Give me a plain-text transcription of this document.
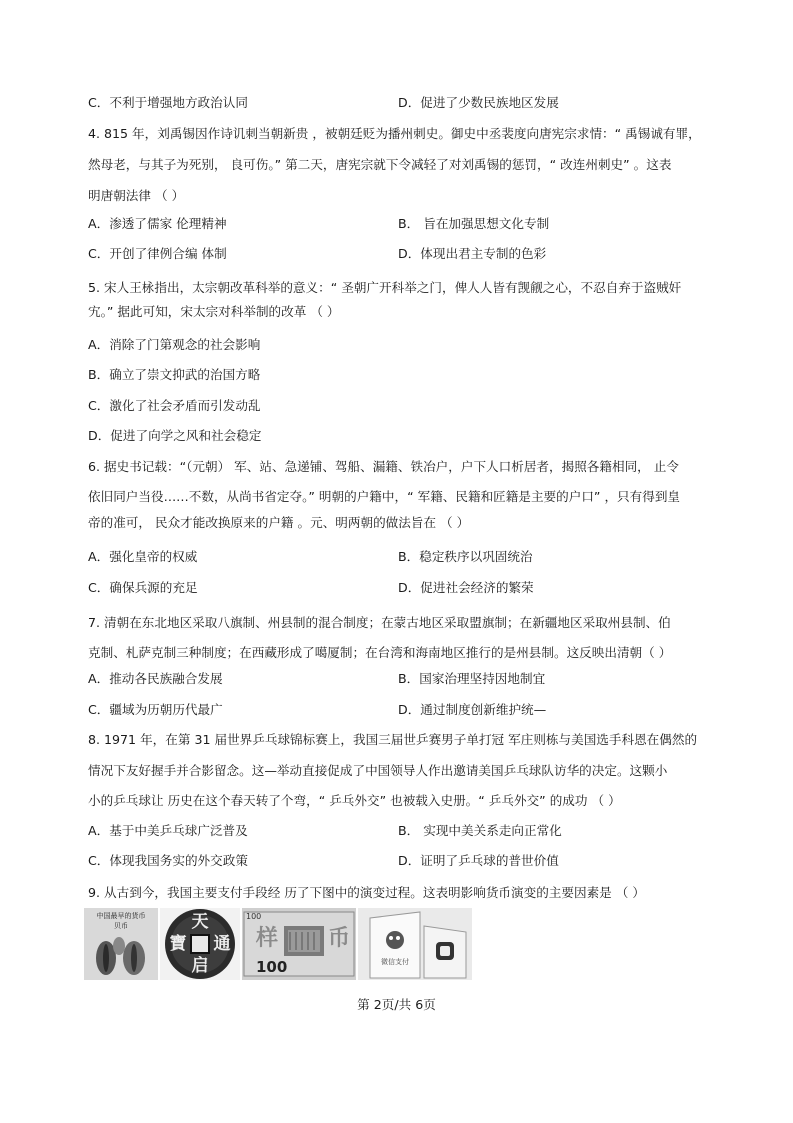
C．不利于增强地方政治认同	D．促进了少数民族地区发展
4. 815 年，刘禹锡因作诗讥刺当朝新贵 ，被朝廷贬为播州刺史。御史中丞裴度向唐宪宗求情：“ 禹锡诚有罪，
然母老，与其子为死别， 良可伤。” 第二天，唐宪宗就下令减轻了对刘禹锡的惩罚，“ 改连州刺史” 。这表
明唐朝法律 （ ）
A．渗透了儒家 伦理精神	B． 旨在加强思想文化专制
C．开创了律例合编 体制	D．体现出君主专制的色彩
5. 宋人王栐指出，太宗朝改革科举的意义：“ 圣朝广开科举之门，俾人人皆有觊觎之心，不忍自弃于盗贼奸
宄。” 据此可知，宋太宗对科举制的改革 （ ）
A．消除了门第观念的社会影响
B．确立了崇文抑武的治国方略
C．激化了社会矛盾而引发动乱
D．促进了向学之风和社会稳定
6. 据史书记载：“（元朝） 军、站、急递铺、驾船、漏籍、铁冶户，户下人口析居者，揭照各籍相同， 止令
依旧同户当役……不数，从尚书省定夺。” 明朝的户籍中，“ 军籍、民籍和匠籍是主要的户口” ，只有得到皇
帝的准可， 民众才能改换原来的户籍 。元、明两朝的做法旨在 （ ）
A．强化皇帝的权威	B．稳定秩序以巩固统治
C．确保兵源的充足	D．促进社会经济的繁荣
7. 清朝在东北地区采取八旗制、州县制的混合制度；在蒙古地区采取盟旗制；在新疆地区采取州县制、伯
克制、札萨克制三种制度；在西藏形成了噶厦制；在台湾和海南地区推行的是州县制。这反映出清朝（ ）
A．推动各民族融合发展	B．国家治理坚持因地制宜
C．疆域为历朝历代最广	D．通过制度创新维护统—
8. 1971 年，在第 31 届世界乒乓球锦标赛上，我国三届世乒赛男子单打冠 军庄则栋与美国选手科恩在偶然的
情况下友好握手并合影留念。这—举动直接促成了中国领导人作出邀请美国乒乓球队访华的决定。这颗小
小的乒乓球让 历史在这个春天转了个弯，“ 乒乓外交” 也被载入史册。“ 乒乓外交” 的成功 （ ）
A．基于中美乒乓球广泛普及	B． 实现中美关系走向正常化
C．体现我国务实的外交政策	D．证明了乒乓球的普世价值
9. 从古到今，我国主要支付手段经 历了下图中的演变过程。这表明影响货币演变的主要因素是 （ ）
中国最早的货币
贝币	天
通
启
寶
100
样 币
100	微信支付
第 2页/共 6页
